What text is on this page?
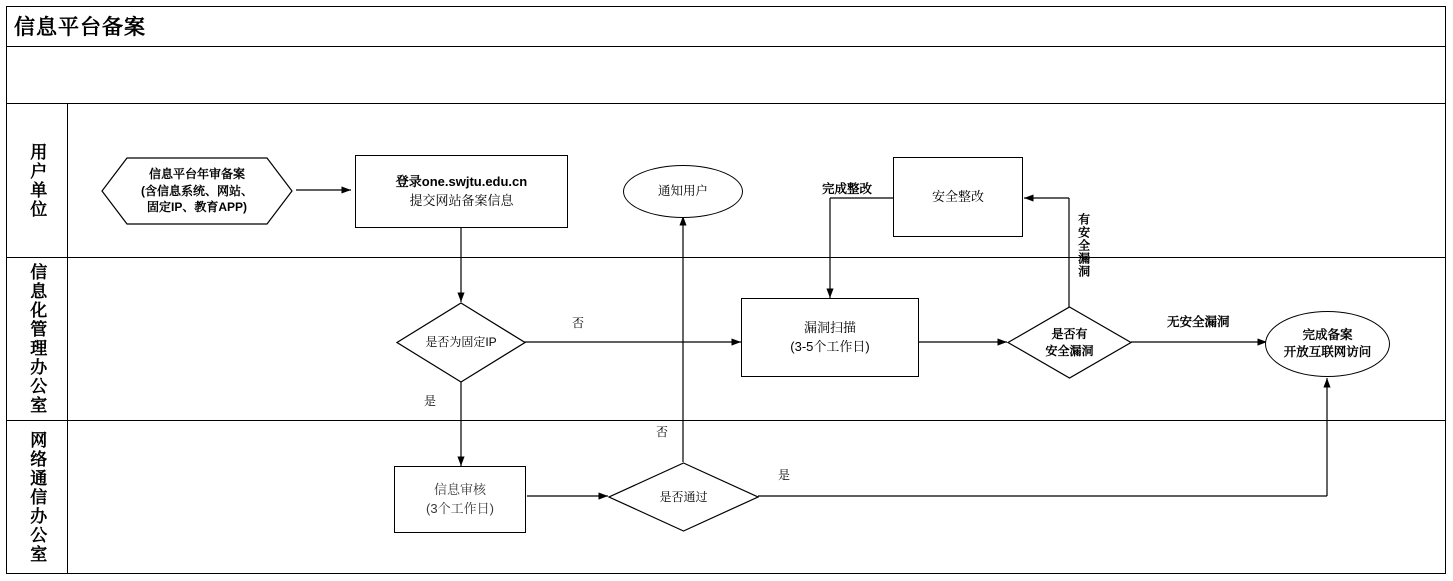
信息平台备案
用户单位
信息化管理办公室
网络通信办公室
信息平台年审备案
(含信息系统、网站、
固定IP、教育APP)
登录one.swjtu.edu.cn
提交网站备案信息
通知用户	安全整改
是否为固定IP
漏洞扫描
(3-5个工作日)
是否有
安全漏洞
完成备案
开放互联网访问
信息审核
(3个工作日)
是否通过
否
是
否
是
完成整改
无安全漏洞
有安全漏洞
